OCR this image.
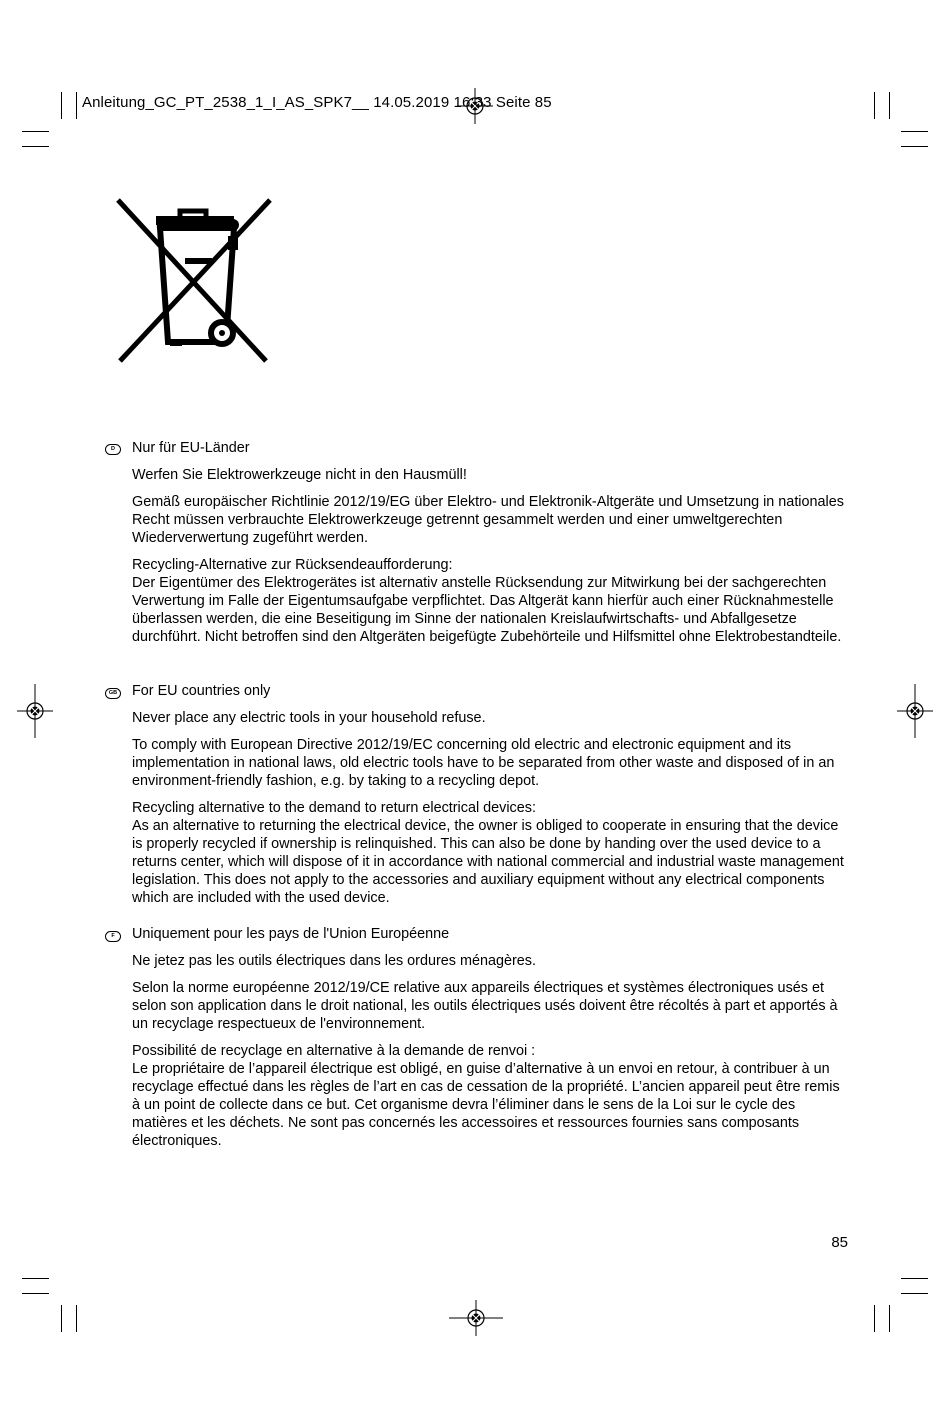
Anleitung_GC_PT_2538_1_I_AS_SPK7__ 14.05.2019 16:33 Seite 85
D	Nur für EU-Länder

Werfen Sie Elektrowerkzeuge nicht in den Hausmüll!

Gemäß europäischer Richtlinie 2012/19/EG über Elektro- und Elektronik-Altgeräte und Umsetzung in nationales Recht müssen verbrauchte Elektrowerkzeuge getrennt gesammelt werden und einer umweltgerechten Wiederverwertung zugeführt werden.

Recycling-Alternative zur Rücksendeaufforderung:

Der Eigentümer des Elektrogerätes ist alternativ anstelle Rücksendung zur Mitwirkung bei der sachgerechten Verwertung im Falle der Eigentumsaufgabe verpflichtet. Das Altgerät kann hierfür auch einer Rücknahmestelle überlassen werden, die eine Beseitigung im Sinne der nationalen Kreislaufwirtschafts- und Abfallgesetze durchführt. Nicht betroffen sind den Altgeräten beigefügte Zubehörteile und Hilfsmittel ohne Elektrobestandteile.

GB For EU countries only

Never place any electric tools in your household refuse.

To comply with European Directive 2012/19/EC concerning old electric and electronic equipment and its implementation in national laws, old electric tools have to be separated from other waste and disposed of in an environment-friendly fashion, e.g. by taking to a recycling depot.

Recycling alternative to the demand to return electrical devices:

As an alternative to returning the electrical device, the owner is obliged to cooperate in ensuring that the device is properly recycled if ownership is relinquished. This can also be done by handing over the used device to a returns center, which will dispose of it in accordance with national commercial and industrial waste management legislation. This does not apply to the accessories and auxiliary equipment without any electrical components which are included with the used device.

F	Uniquement pour les pays de l'Union Européenne

Ne jetez pas les outils électriques dans les ordures ménagères.

Selon la norme européenne 2012/19/CE relative aux appareils électriques et systèmes électroniques usés et selon son application dans le droit national, les outils électriques usés doivent être récoltés à part et apportés à un recyclage respectueux de l'environnement.

Possibilité de recyclage en alternative à la demande de renvoi :

Le propriétaire de l’appareil électrique est obligé, en guise d’alternative à un envoi en retour, à contribuer à un recyclage effectué dans les règles de l’art en cas de cessation de la propriété. L’ancien appareil peut être remis à un point de collecte dans ce but. Cet organisme devra l’éliminer dans le sens de la Loi sur le cycle des matières et les déchets. Ne sont pas concernés les accessoires et ressources fournies sans composants électroniques.

85
